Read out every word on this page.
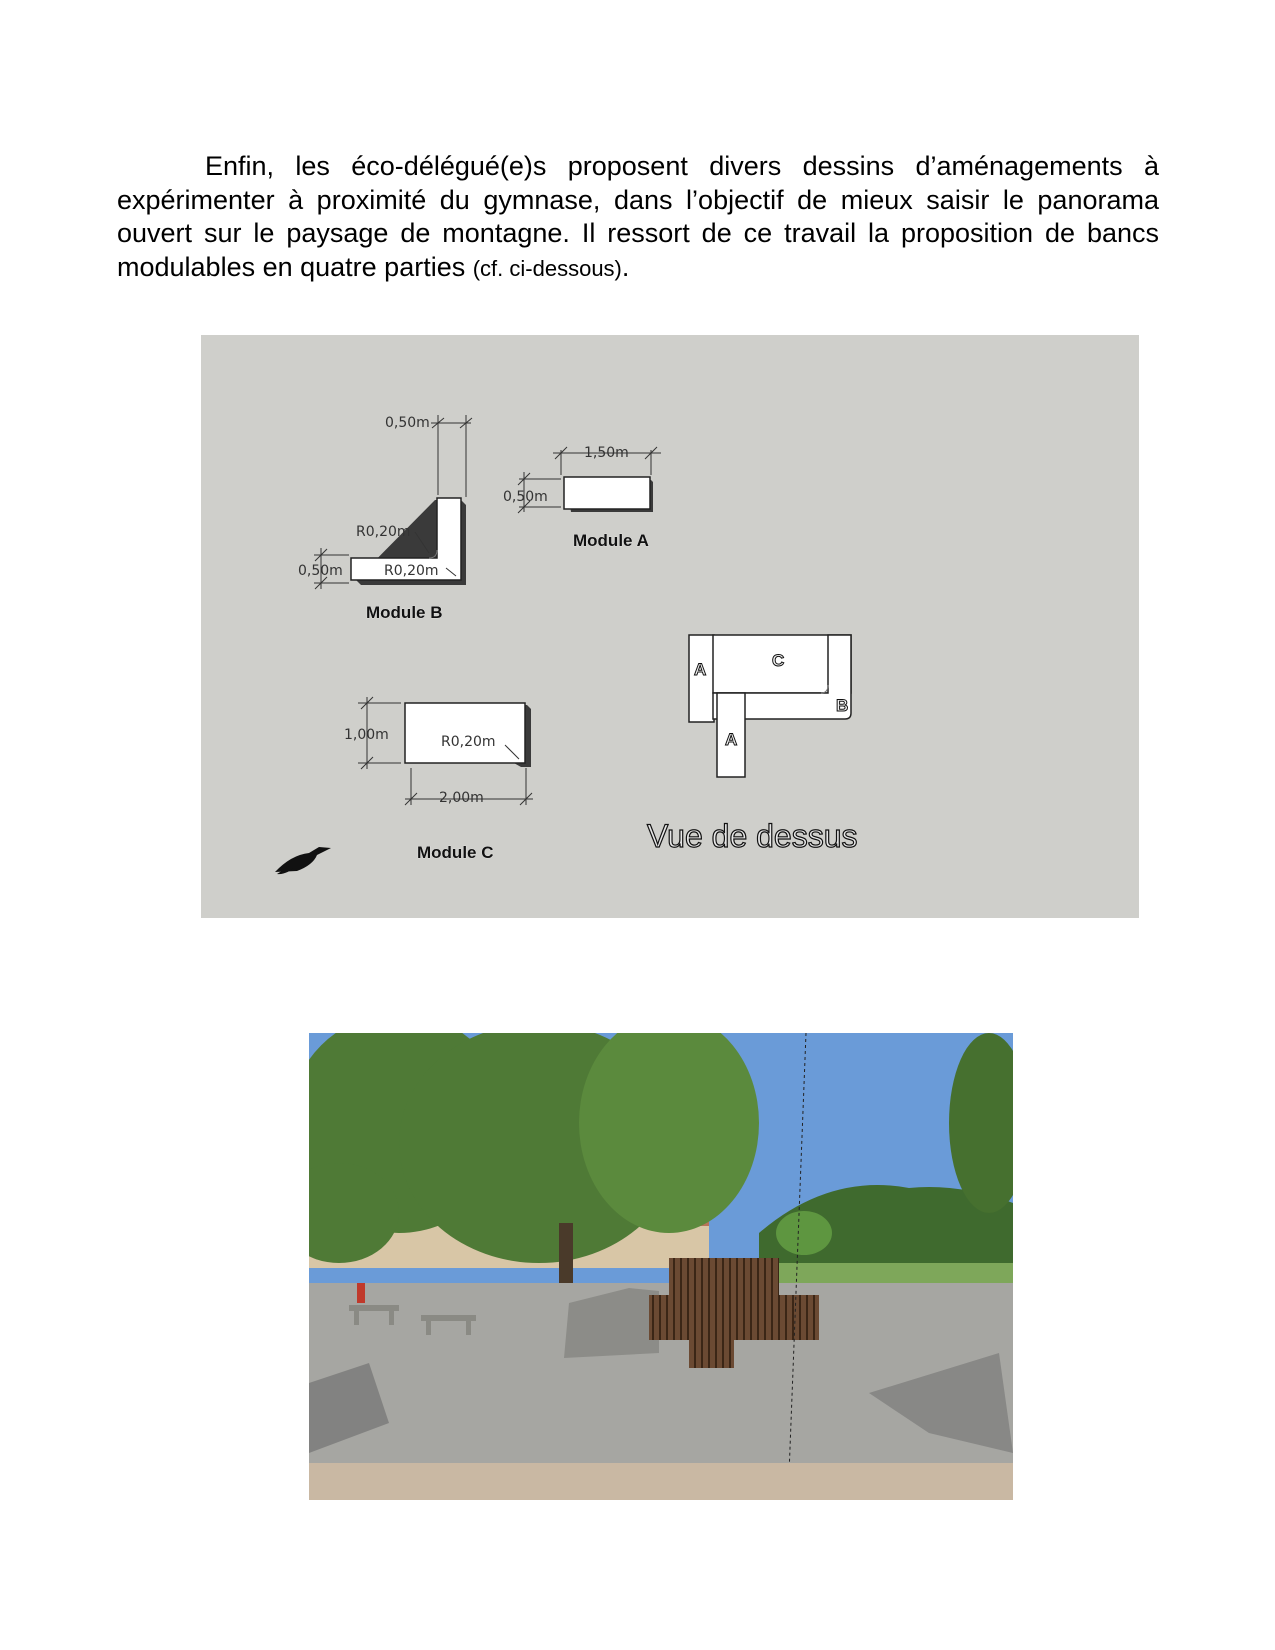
Enfin, les éco-délégué(e)s proposent divers dessins d’aménagements à expérimenter à proximité du gymnase, dans l’objectif de mieux saisir le panorama ouvert sur le paysage de montagne. Il ressort de ce travail la proposition de bancs modulables en quatre parties (cf. ci-dessous).

0,50m
0,50m
R0,20m
R0,20m
Module B
1,50m
0,50m
Module A
1,00m
2,00m
R0,20m
Module C
A
A
B
C
Vue de dessus
